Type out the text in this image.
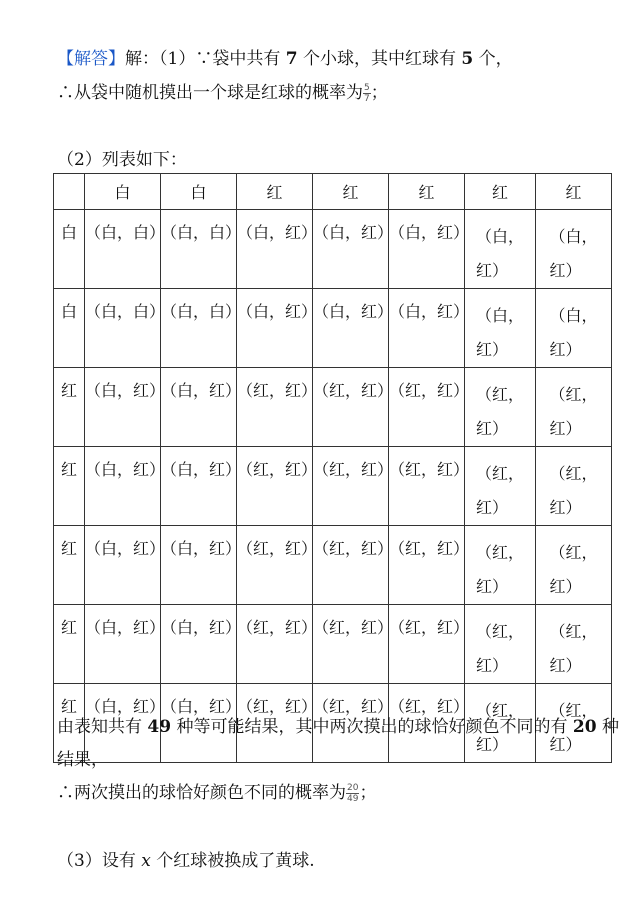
【解答】解：（1）∵袋中共有 7 个小球，其中红球有 5 个，
∴从袋中随机摸出一个球是红球的概率为 $\frac{5}{7}$ ；
（2）列表如下：
	白	白	红	红	红	红	红

白	（白，白）	（白，白）	（白，红）	（白，红）	（白，红）	（白，红）	（白，红）

白	（白，白）	（白，白）	（白，红）	（白，红）	（白，红）	（白，红）	（白，红）

红	（白，红）	（白，红）	（红，红）	（红，红）	（红，红）	（红，红）	（红，红）

红	（白，红）	（白，红）	（红，红）	（红，红）	（红，红）	（红，红）	（红，红）

红	（白，红）	（白，红）	（红，红）	（红，红）	（红，红）	（红，红）	（红，红）

红	（白，红）	（白，红）	（红，红）	（红，红）	（红，红）	（红，红）	（红，红）

红	（白，红）	（白，红）	（红，红）	（红，红）	（红，红）	（红，红）	（红，红）
由表知共有 49 种等可能结果，其中两次摸出的球恰好颜色不同的有 20 种
结果，
∴两次摸出的球恰好颜色不同的概率为 $\frac{20}{49}$ ；
（3）设有 x 个红球被换成了黄球.
